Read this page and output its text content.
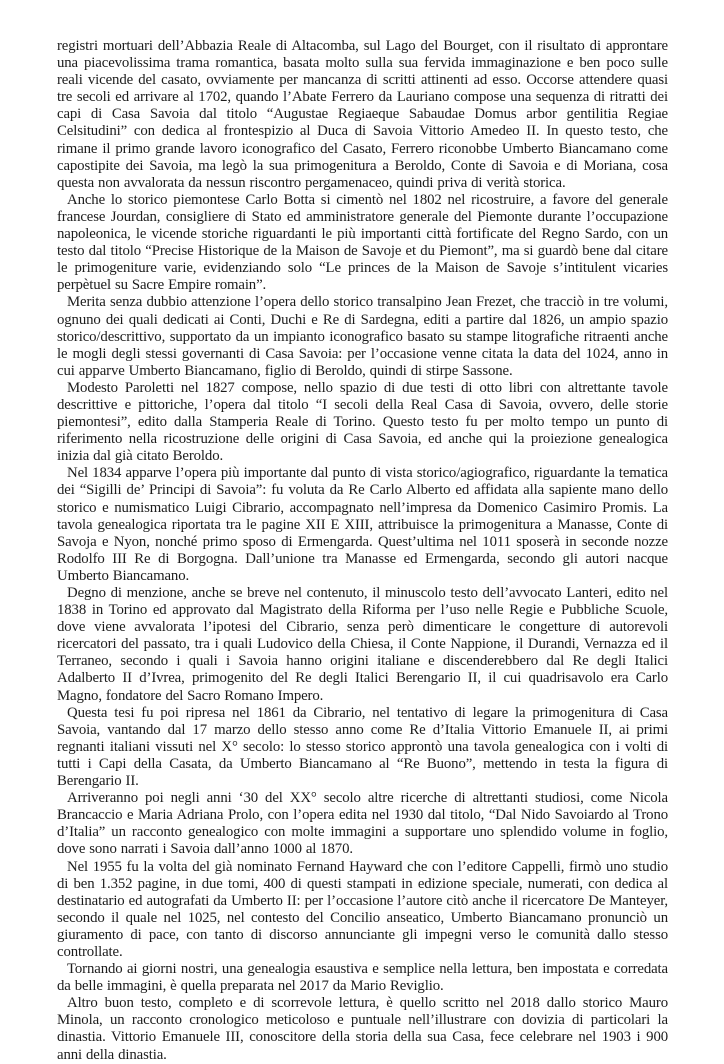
registri mortuari dell’Abbazia Reale di Altacomba, sul Lago del Bourget, con il risultato di approntare una piacevolissima trama romantica, basata molto sulla sua fervida immaginazione e ben poco sulle reali vicende del casato, ovviamente per mancanza di scritti attinenti ad esso. Occorse attendere quasi tre secoli ed arrivare al 1702, quando l’Abate Ferrero da Lauriano compose una sequenza di ritratti dei capi di Casa Savoia dal titolo “Augustae Regiaeque Sabaudae Domus arbor gentilitia Regiae Celsitudini” con dedica al frontespizio al Duca di Savoia Vittorio Amedeo II. In questo testo, che rimane il primo grande lavoro iconografico del Casato, Ferrero riconobbe Umberto Biancamano come capostipite dei Savoia, ma legò la sua primogenitura a Beroldo, Conte di Savoia e di Moriana, cosa questa non avvalorata da nessun riscontro pergamenaceo, quindi priva di verità storica.

Anche lo storico piemontese Carlo Botta si cimentò nel 1802 nel ricostruire, a favore del generale francese Jourdan, consigliere di Stato ed amministratore generale del Piemonte durante l’occupazione napoleonica, le vicende storiche riguardanti le più importanti città fortificate del Regno Sardo, con un testo dal titolo “Precise Historique de la Maison de Savoje et du Piemont”, ma si guardò bene dal citare le primogeniture varie, evidenziando solo “Le princes de la Maison de Savoje s’intitulent vicaries perpètuel su Sacre Empire romain”.

Merita senza dubbio attenzione l’opera dello storico transalpino Jean Frezet, che tracciò in tre volumi, ognuno dei quali dedicati ai Conti, Duchi e Re di Sardegna, editi a partire dal 1826, un ampio spazio storico/descrittivo, supportato da un impianto iconografico basato su stampe litografiche ritraenti anche le mogli degli stessi governanti di Casa Savoia: per l’occasione venne citata la data del 1024, anno in cui apparve Umberto Biancamano, figlio di Beroldo, quindi di stirpe Sassone.

Modesto Paroletti nel 1827 compose, nello spazio di due testi di otto libri con altrettante tavole descrittive e pittoriche, l’opera dal titolo “I secoli della Real Casa di Savoia, ovvero, delle storie piemontesi”, edito dalla Stamperia Reale di Torino. Questo testo fu per molto tempo un punto di riferimento nella ricostruzione delle origini di Casa Savoia, ed anche qui la proiezione genealogica inizia dal già citato Beroldo.

Nel 1834 apparve l’opera più importante dal punto di vista storico/agiografico, riguardante la tematica dei “Sigilli de’ Principi di Savoia”: fu voluta da Re Carlo Alberto ed affidata alla sapiente mano dello storico e numismatico Luigi Cibrario, accompagnato nell’impresa da Domenico Casimiro Promis. La tavola genealogica riportata tra le pagine XII E XIII, attribuisce la primogenitura a Manasse, Conte di Savoja e Nyon, nonché primo sposo di Ermengarda. Quest’ultima nel 1011 sposerà in seconde nozze Rodolfo III Re di Borgogna. Dall’unione tra Manasse ed Ermengarda, secondo gli autori nacque Umberto Biancamano.

Degno di menzione, anche se breve nel contenuto, il minuscolo testo dell’avvocato Lanteri, edito nel 1838 in Torino ed approvato dal Magistrato della Riforma per l’uso nelle Regie e Pubbliche Scuole, dove viene avvalorata l’ipotesi del Cibrario, senza però dimenticare le congetture di autorevoli ricercatori del passato, tra i quali Ludovico della Chiesa, il Conte Nappione, il Durandi, Vernazza ed il Terraneo, secondo i quali i Savoia hanno origini italiane e discenderebbero dal Re degli Italici Adalberto II d’Ivrea, primogenito del Re degli Italici Berengario II, il cui quadrisavolo era Carlo Magno, fondatore del Sacro Romano Impero.

Questa tesi fu poi ripresa nel 1861 da Cibrario, nel tentativo di legare la primogenitura di Casa Savoia, vantando dal 17 marzo dello stesso anno come Re d’Italia Vittorio Emanuele II, ai primi regnanti italiani vissuti nel X° secolo: lo stesso storico approntò una tavola genealogica con i volti di tutti i Capi della Casata, da Umberto Biancamano al “Re Buono”, mettendo in testa la figura di Berengario II.

Arriveranno poi negli anni ‘30 del XX° secolo altre ricerche di altrettanti studiosi, come Nicola Brancaccio e Maria Adriana Prolo, con l’opera edita nel 1930 dal titolo, “Dal Nido Savoiardo al Trono d’Italia” un racconto genealogico con molte immagini a supportare uno splendido volume in foglio, dove sono narrati i Savoia dall’anno 1000 al 1870.

Nel 1955 fu la volta del già nominato Fernand Hayward che con l’editore Cappelli, firmò uno studio di ben 1.352 pagine, in due tomi, 400 di questi stampati in edizione speciale, numerati, con dedica al destinatario ed autografati da Umberto II: per l’occasione l’autore citò anche il ricercatore De Manteyer, secondo il quale nel 1025, nel contesto del Concilio anseatico, Umberto Biancamano pronunciò un giuramento di pace, con tanto di discorso annunciante gli impegni verso le comunità dallo stesso controllate.

Tornando ai giorni nostri, una genealogia esaustiva e semplice nella lettura, ben impostata e corredata da belle immagini, è quella preparata nel 2017 da Mario Reviglio.

Altro buon testo, completo e di scorrevole lettura, è quello scritto nel 2018 dallo storico Mauro Minola, un racconto cronologico meticoloso e puntuale nell’illustrare con dovizia di particolari la dinastia. Vittorio Emanuele III, conoscitore della storia della sua Casa, fece celebrare nel 1903 i 900 anni della dinastia.
